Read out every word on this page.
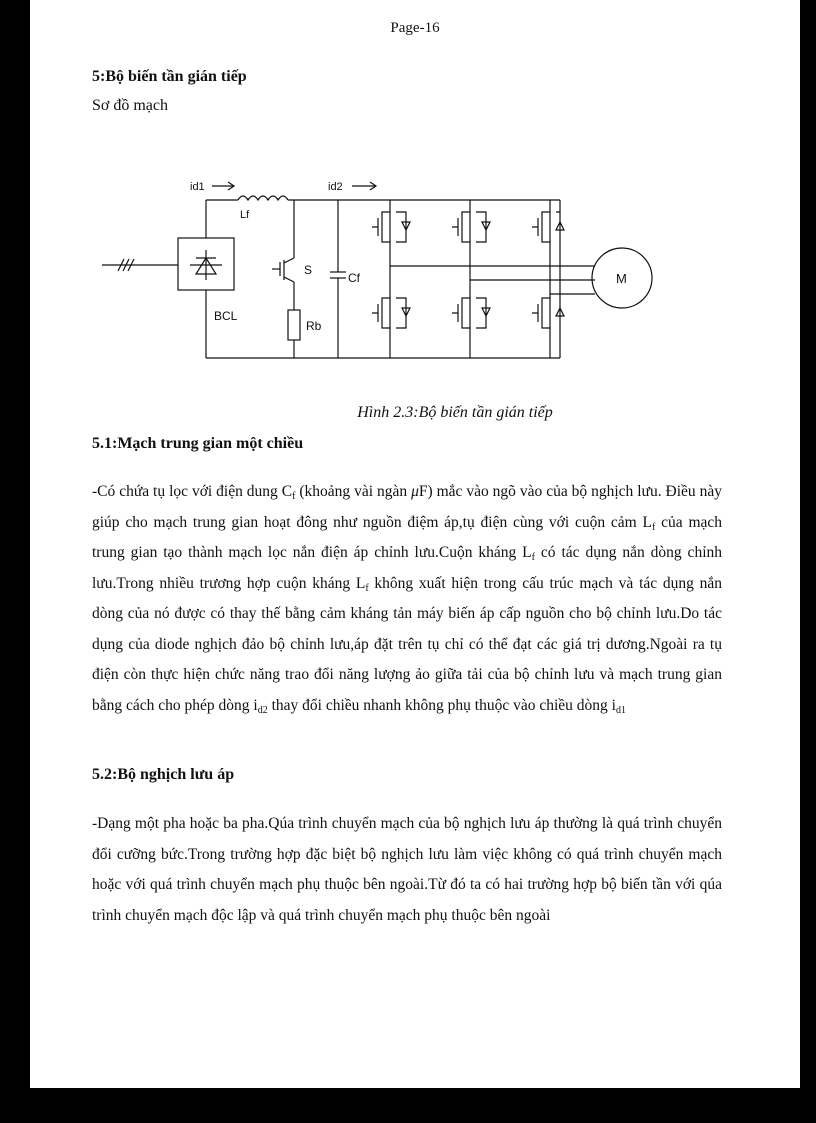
Page-16
5:Bộ biến tần gián tiếp
Sơ đồ mạch
id1	id2
Lf
S
Cf
BCL
Rb
M
Hình 2.3:Bộ biến tần gián tiếp
5.1:Mạch trung gian một chiều
-Có chứa tụ lọc với điện dung $C_f$ (khoảng vài ngàn μF) mắc vào ngõ vào của bộ nghịch lưu. Điều này giúp cho mạch trung gian hoạt đông như nguồn điệm áp,tụ điện cùng với cuộn cảm $L_f$ của mạch trung gian tạo thành mạch lọc nắn điện áp chỉnh lưu.Cuộn kháng $L_f$ có tác dụng nắn dòng chỉnh lưu.Trong nhiều trương hợp cuộn kháng $L_f$ không xuất hiện trong cấu trúc mạch và tác dụng nắn dòng của nó được có thay thế bằng cảm kháng tản máy biến áp cấp nguồn cho bộ chỉnh lưu.Do tác dụng của diode nghịch đảo bộ chỉnh lưu,áp đặt trên tụ chỉ có thể đạt các giá trị dương.Ngoài ra tụ điện còn thực hiện chức năng trao đổi năng lượng ảo giữa tải của bộ chỉnh lưu và mạch trung gian bằng cách cho phép dòng $i_{d2}$ thay đổi chiều nhanh không phụ thuộc vào chiều dòng $i_{d1}$
5.2:Bộ nghịch lưu áp
-Dạng một pha hoặc ba pha.Qúa trình chuyển mạch của bộ nghịch lưu áp thường là quá trình chuyển đổi cưỡng bức.Trong trường hợp đặc biệt bộ nghịch lưu làm việc không có quá trình chuyển mạch hoặc với quá trình chuyển mạch phụ thuộc bên ngoài.Từ đó ta có hai trường hợp bộ biến tần với qúa trình chuyển mạch độc lập và quá trình chuyển mạch phụ thuộc bên ngoài
